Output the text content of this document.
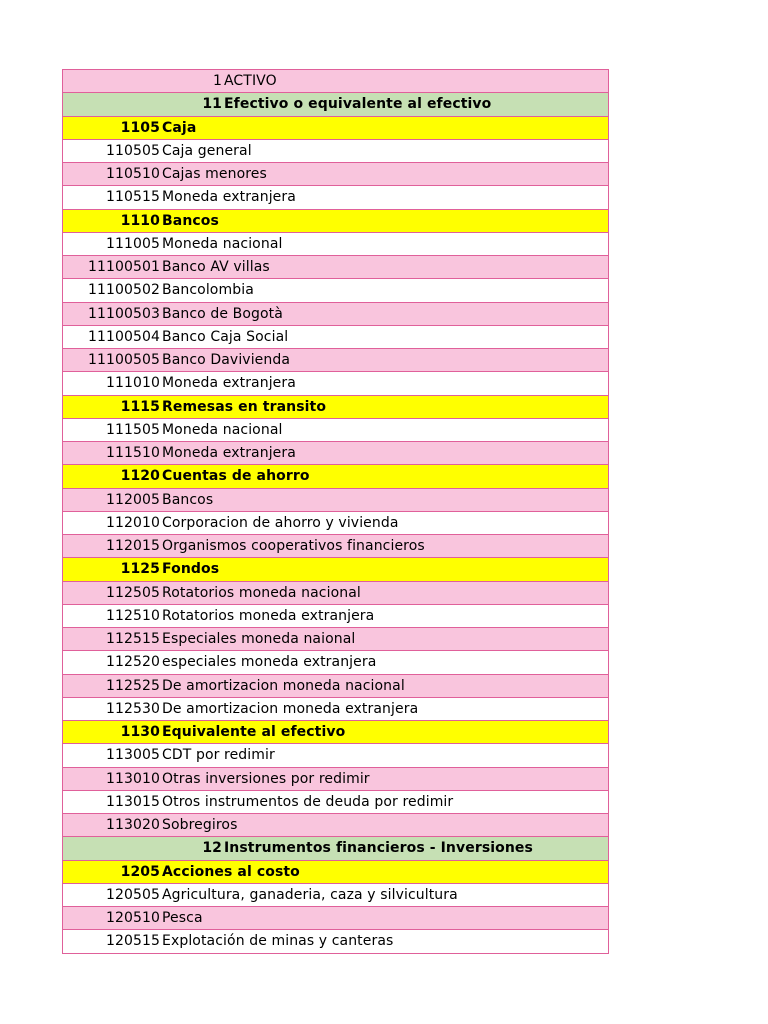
1 ACTIVO
11 Efectivo o equivalente al efectivo
1105 Caja
110505 Caja general
110510 Cajas menores
110515 Moneda extranjera
1110 Bancos
111005 Moneda nacional
11100501 Banco AV villas
11100502 Bancolombia
11100503 Banco de Bogotà
11100504 Banco Caja Social
11100505 Banco Davivienda
111010 Moneda extranjera
1115 Remesas en transito
111505 Moneda nacional
111510 Moneda extranjera
1120 Cuentas de ahorro
112005 Bancos
112010 Corporacion de ahorro y vivienda
112015 Organismos cooperativos financieros
1125 Fondos
112505 Rotatorios moneda nacional
112510 Rotatorios moneda extranjera
112515 Especiales moneda naional
112520 especiales moneda extranjera
112525 De amortizacion moneda nacional
112530 De amortizacion moneda extranjera
1130 Equivalente al efectivo
113005 CDT por redimir
113010 Otras inversiones por redimir
113015 Otros instrumentos de deuda por redimir
113020 Sobregiros
12 Instrumentos financieros - Inversiones
1205 Acciones al costo
120505 Agricultura, ganaderia, caza y silvicultura
120510 Pesca
120515 Explotación de minas y canteras
